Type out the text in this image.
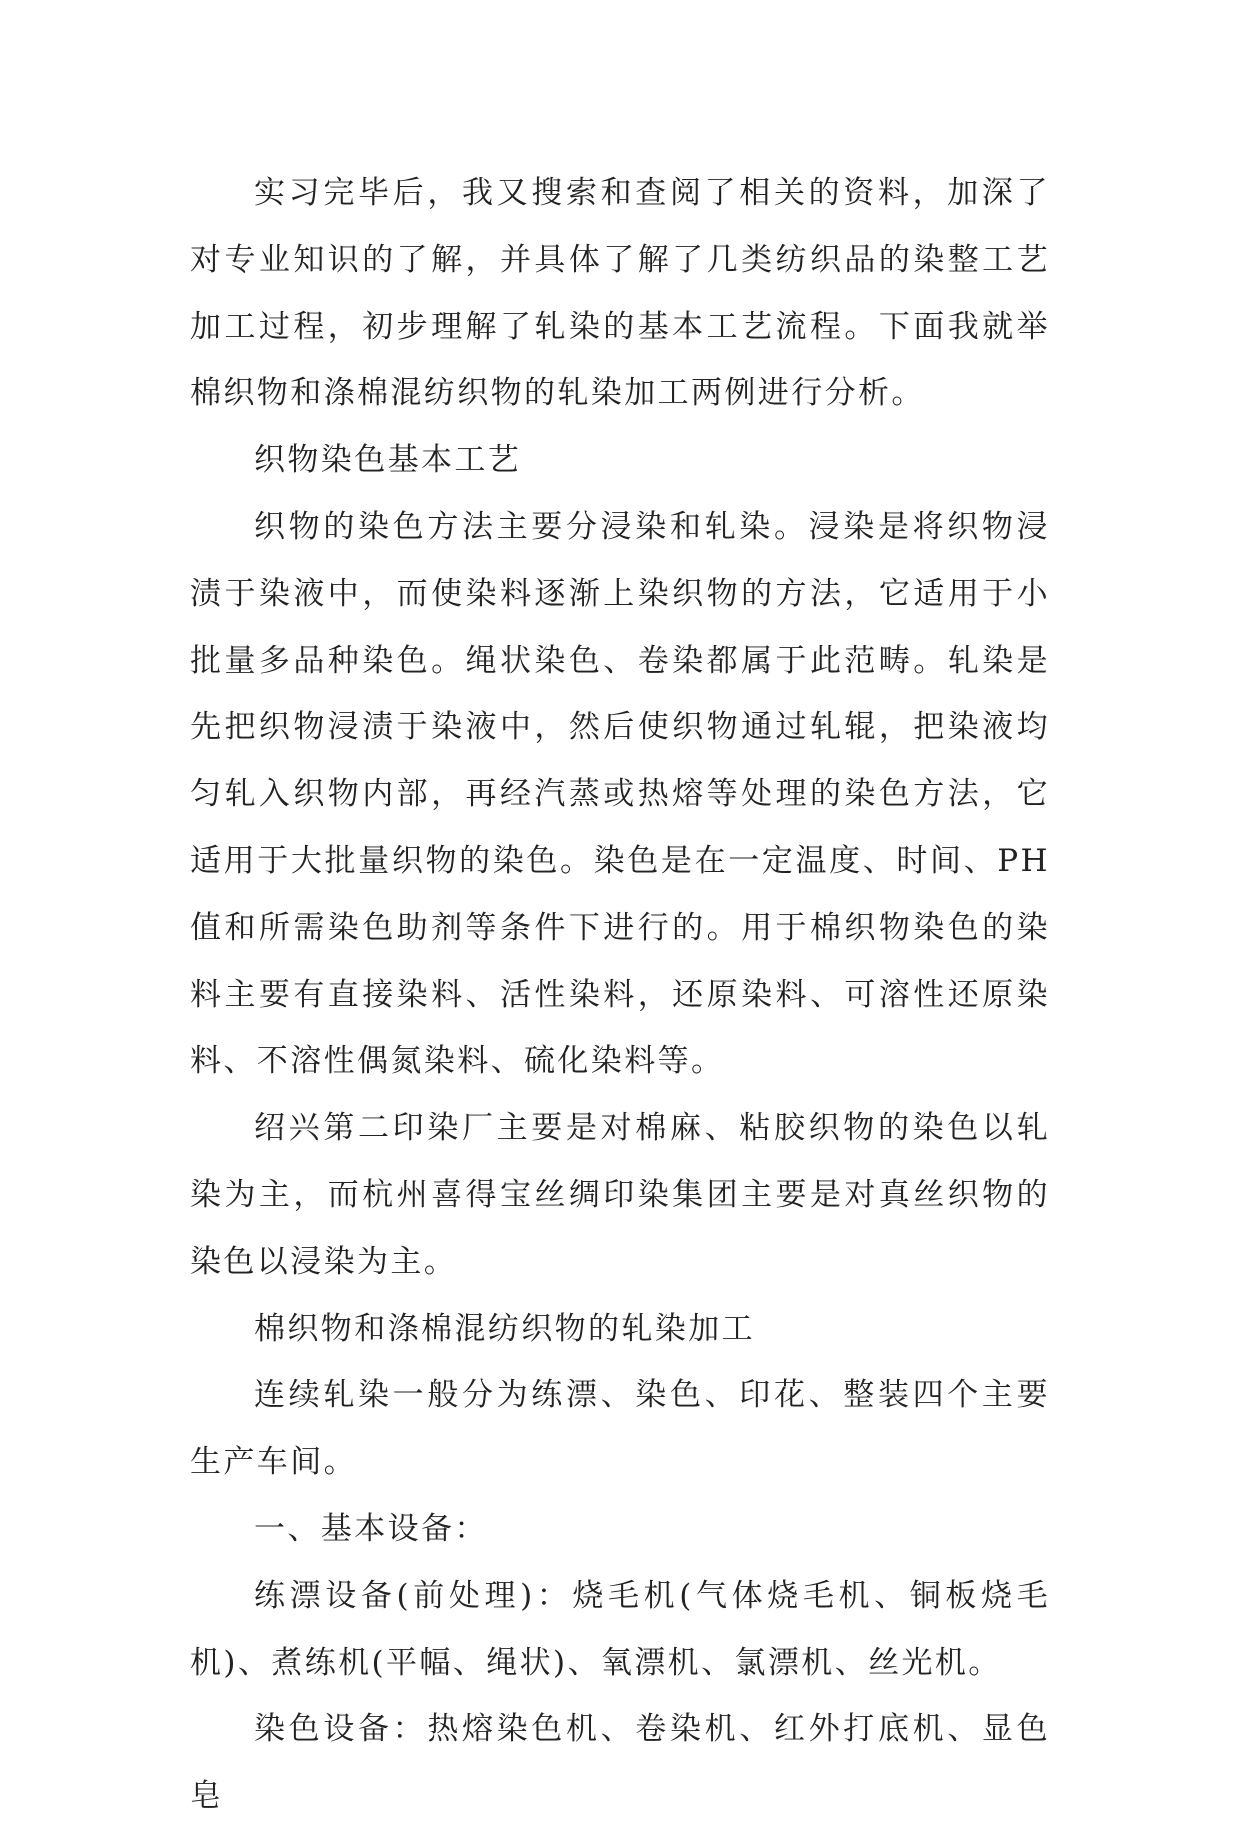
实习完毕后，我又搜索和查阅了相关的资料，加深了对专业知识的了解，并具体了解了几类纺织品的染整工艺加工过程，初步理解了轧染的基本工艺流程。下面我就举棉织物和涤棉混纺织物的轧染加工两例进行分析。

织物染色基本工艺

织物的染色方法主要分浸染和轧染。浸染是将织物浸渍于染液中，而使染料逐渐上染织物的方法，它适用于小批量多品种染色。绳状染色、卷染都属于此范畴。轧染是先把织物浸渍于染液中，然后使织物通过轧辊，把染液均匀轧入织物内部，再经汽蒸或热熔等处理的染色方法，它适用于大批量织物的染色。染色是在一定温度、时间、PH值和所需染色助剂等条件下进行的。用于棉织物染色的染料主要有直接染料、活性染料，还原染料、可溶性还原染料、不溶性偶氮染料、硫化染料等。

绍兴第二印染厂主要是对棉麻、粘胶织物的染色以轧染为主，而杭州喜得宝丝绸印染集团主要是对真丝织物的染色以浸染为主。

棉织物和涤棉混纺织物的轧染加工

连续轧染一般分为练漂、染色、印花、整装四个主要生产车间。

一、基本设备：

练漂设备(前处理)：烧毛机(气体烧毛机、铜板烧毛机)、煮练机(平幅、绳状)、氧漂机、氯漂机、丝光机。

染色设备：热熔染色机、卷染机、红外打底机、显色皂
